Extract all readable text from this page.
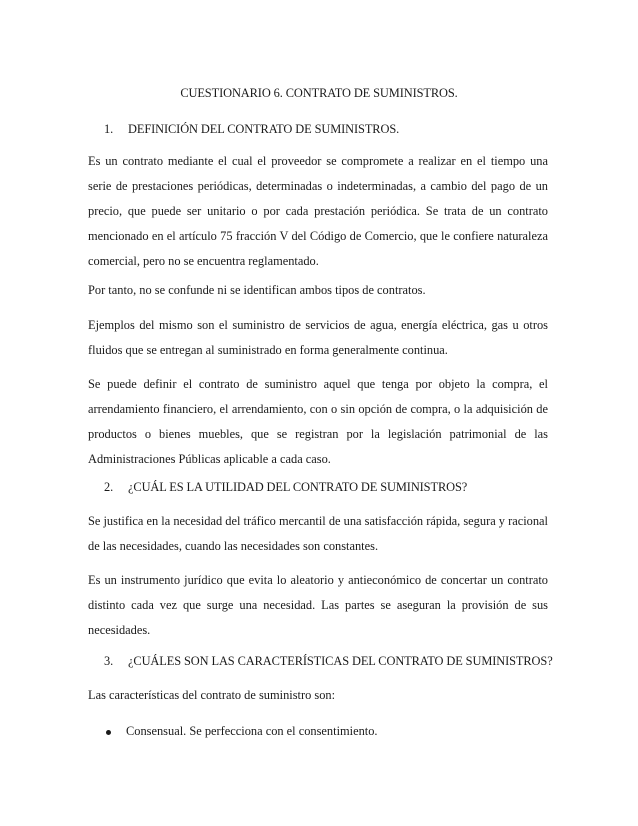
CUESTIONARIO 6. CONTRATO DE SUMINISTROS.
1.	DEFINICIÓN DEL CONTRATO DE SUMINISTROS.

Es un contrato mediante el cual el proveedor se compromete a realizar en el tiempo una serie de prestaciones periódicas, determinadas o indeterminadas, a cambio del pago de un precio, que puede ser unitario o por cada prestación periódica. Se trata de un contrato mencionado en el artículo 75 fracción V del Código de Comercio, que le confiere naturaleza comercial, pero no se encuentra reglamentado.

Por tanto, no se confunde ni se identifican ambos tipos de contratos.

Ejemplos del mismo son el suministro de servicios de agua, energía eléctrica, gas u otros fluidos que se entregan al suministrado en forma generalmente continua.

Se puede definir el contrato de suministro aquel que tenga por objeto la compra, el arrendamiento financiero, el arrendamiento, con o sin opción de compra, o la adquisición de productos o bienes muebles, que se registran por la legislación patrimonial de las Administraciones Públicas aplicable a cada caso.

2.	¿CUÁL ES LA UTILIDAD DEL CONTRATO DE SUMINISTROS?

Se justifica en la necesidad del tráfico mercantil de una satisfacción rápida, segura y racional de las necesidades, cuando las necesidades son constantes.

Es un instrumento jurídico que evita lo aleatorio y antieconómico de concertar un contrato distinto cada vez que surge una necesidad. Las partes se aseguran la provisión de sus necesidades.

3.	¿CUÁLES SON LAS CARACTERÍSTICAS DEL CONTRATO DE SUMINISTROS?

Las características del contrato de suministro son:

Consensual. Se perfecciona con el consentimiento.
